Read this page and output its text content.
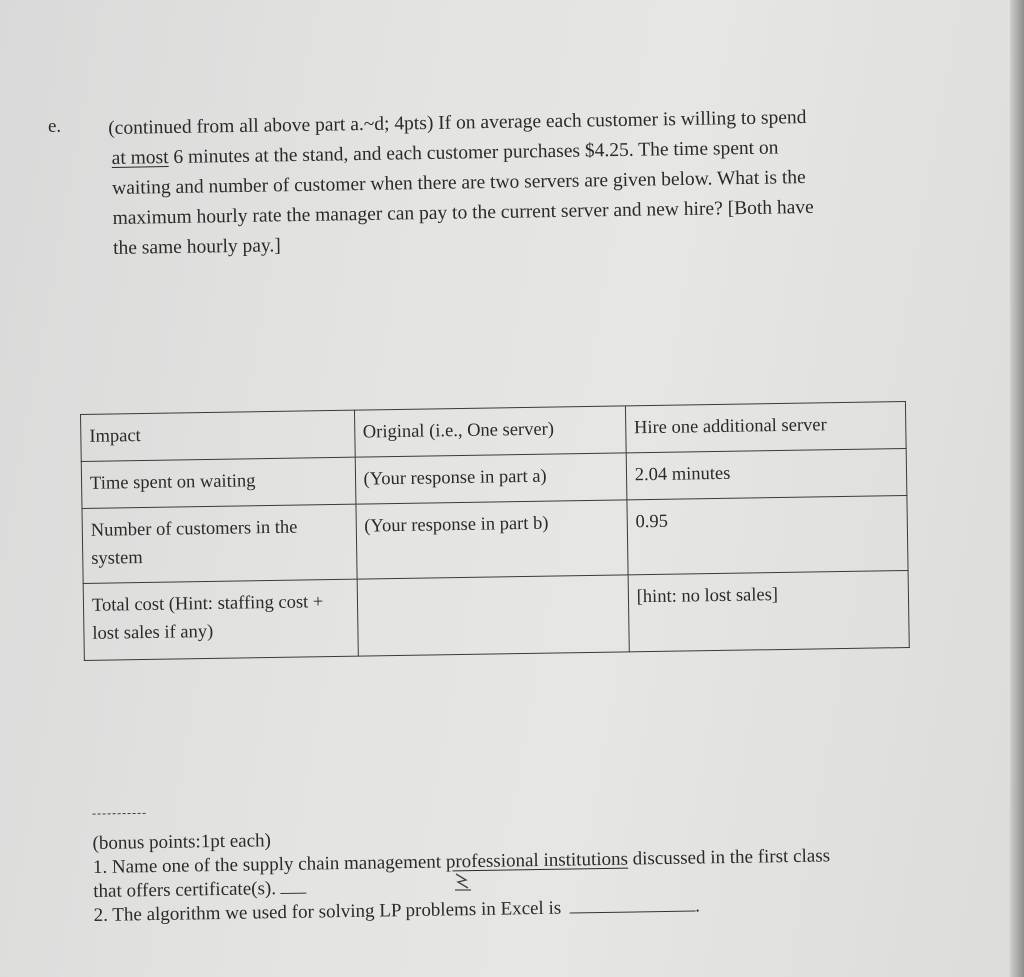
e. (continued from all above part a.~d; 4pts) If on average each customer is willing to spend
at most 6 minutes at the stand, and each customer purchases $4.25. The time spent on
waiting and number of customer when there are two servers are given below. What is the
maximum hourly rate the manager can pay to the current server and new hire? [Both have
the same hourly pay.]
Impact	Original (i.e., One server)	Hire one additional server
Time spent on waiting	(Your response in part a)	2.04 minutes
Number of customers in the system	(Your response in part b)	0.95
Total cost (Hint: staffing cost + lost sales if any)		[hint: no lost sales]
-----------
(bonus points:1pt each)
1. Name one of the supply chain management professional institutions discussed in the first class
that offers certificate(s).
2. The algorithm we used for solving LP problems in Excel is	.
